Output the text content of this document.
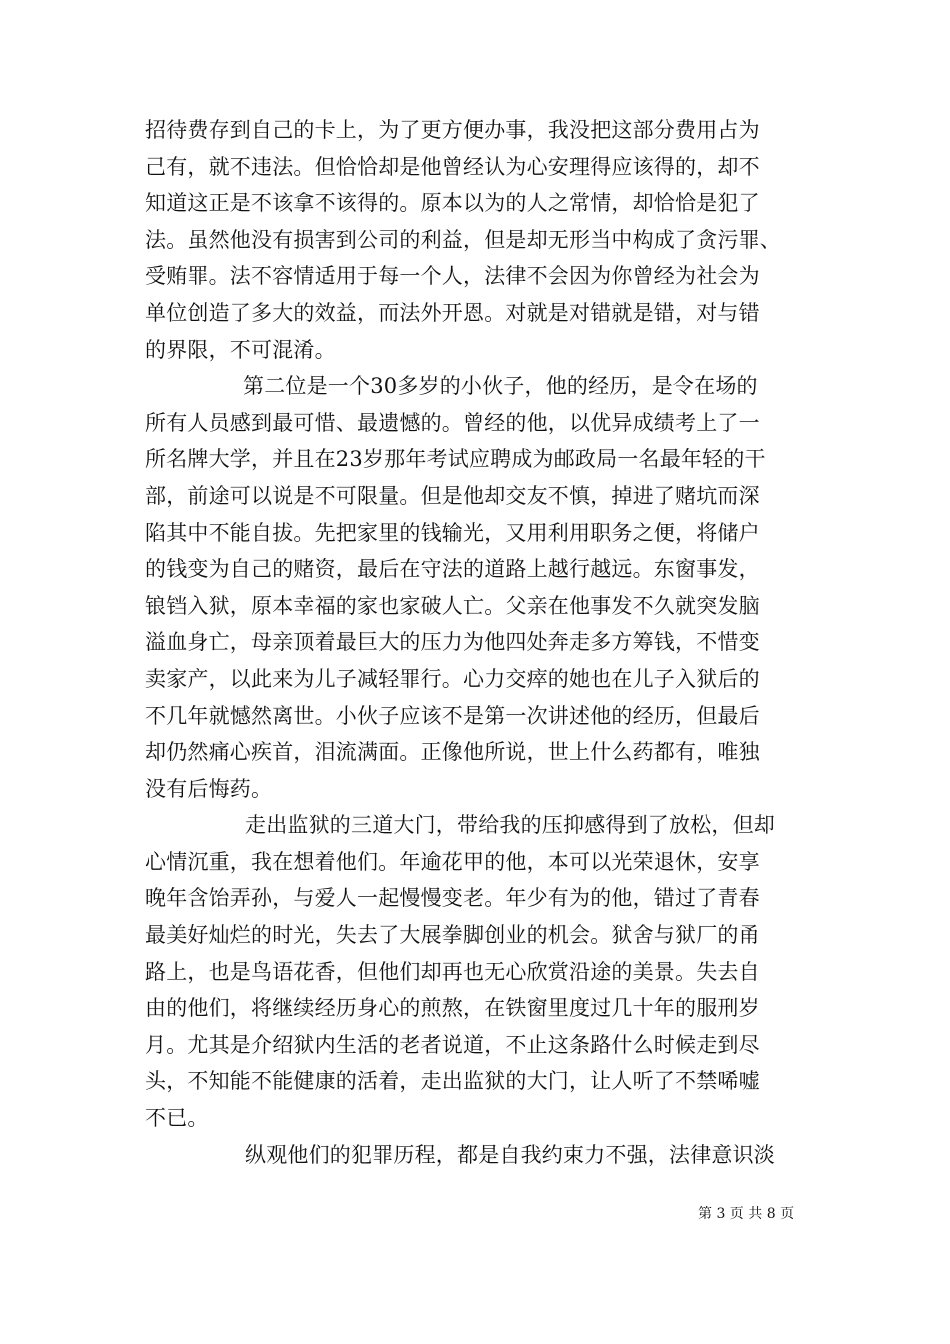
招待费存到自己的卡上，为了更方便办事，我没把这部分费用占为
己有，就不违法。但恰恰却是他曾经认为心安理得应该得的，却不
知道这正是不该拿不该得的。原本以为的人之常情，却恰恰是犯了
法。虽然他没有损害到公司的利益，但是却无形当中构成了贪污罪、
受贿罪。法不容情适用于每一个人，法律不会因为你曾经为社会为
单位创造了多大的效益，而法外开恩。对就是对错就是错，对与错
的界限，不可混淆。
第二位是一个30多岁的小伙子，他的经历，是令在场的
所有人员感到最可惜、最遗憾的。曾经的他，以优异成绩考上了一
所名牌大学，并且在23岁那年考试应聘成为邮政局一名最年轻的干
部，前途可以说是不可限量。但是他却交友不慎，掉进了赌坑而深
陷其中不能自拔。先把家里的钱输光，又用利用职务之便，将储户
的钱变为自己的赌资，最后在守法的道路上越行越远。东窗事发，
锒铛入狱，原本幸福的家也家破人亡。父亲在他事发不久就突发脑
溢血身亡，母亲顶着最巨大的压力为他四处奔走多方筹钱，不惜变
卖家产，以此来为儿子减轻罪行。心力交瘁的她也在儿子入狱后的
不几年就憾然离世。小伙子应该不是第一次讲述他的经历，但最后
却仍然痛心疾首，泪流满面。正像他所说，世上什么药都有，唯独
没有后悔药。
走出监狱的三道大门，带给我的压抑感得到了放松，但却
心情沉重，我在想着他们。年逾花甲的他，本可以光荣退休，安享
晚年含饴弄孙，与爱人一起慢慢变老。年少有为的他，错过了青春
最美好灿烂的时光，失去了大展拳脚创业的机会。狱舍与狱厂的甬
路上，也是鸟语花香，但他们却再也无心欣赏沿途的美景。失去自
由的他们，将继续经历身心的煎熬，在铁窗里度过几十年的服刑岁
月。尤其是介绍狱内生活的老者说道，不止这条路什么时候走到尽
头，不知能不能健康的活着，走出监狱的大门，让人听了不禁唏嘘
不已。
纵观他们的犯罪历程，都是自我约束力不强，法律意识淡
第 3 页 共 8 页
